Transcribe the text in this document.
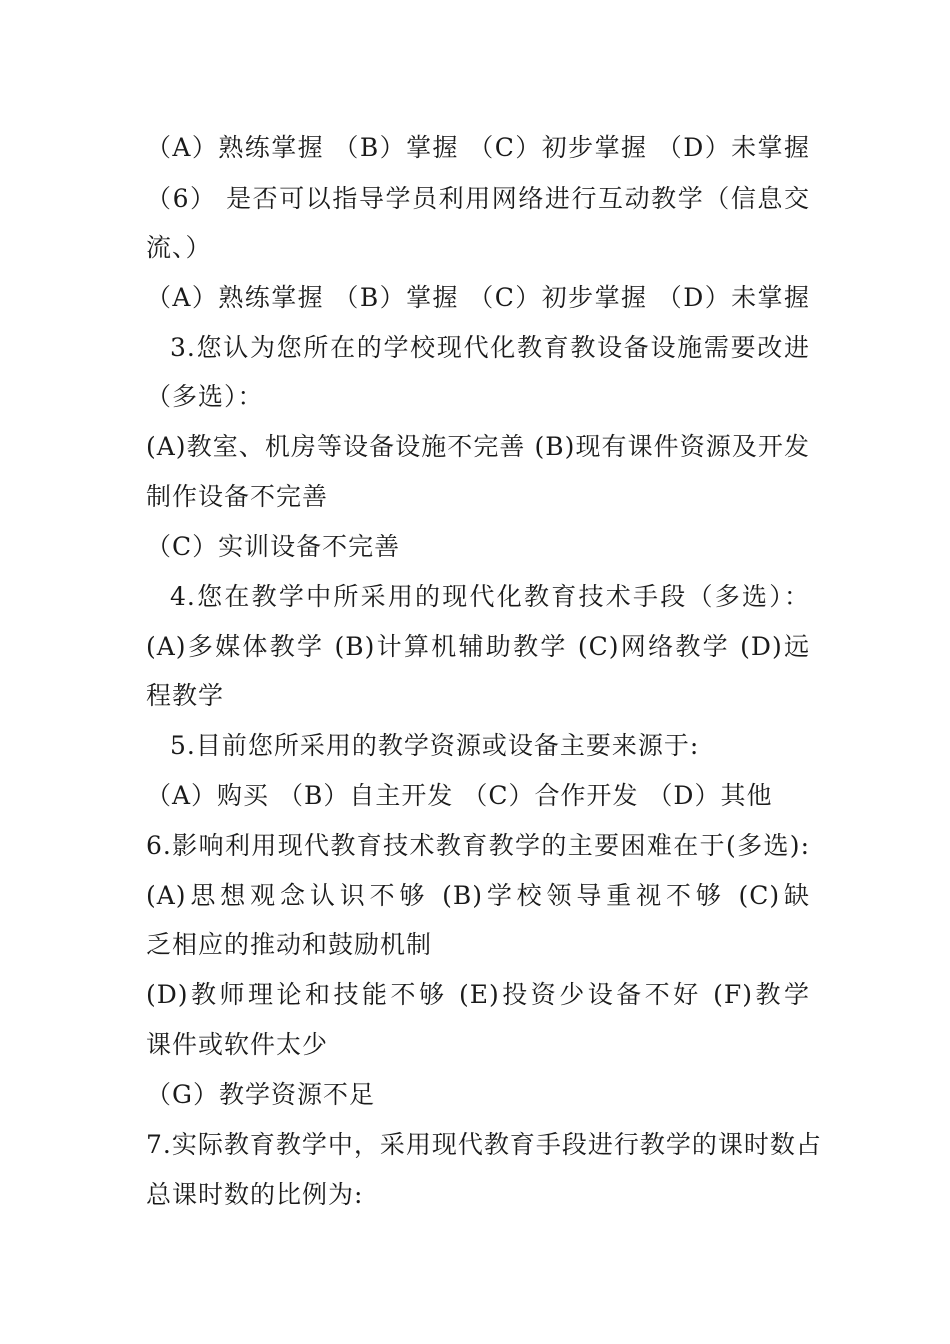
（A）熟练掌握 （B）掌握 （C）初步掌握 （D）未掌握
（6） 是否可以指导学员利用网络进行互动教学（信息交
流、）
（A）熟练掌握 （B）掌握 （C）初步掌握 （D）未掌握
3.您认为您所在的学校现代化教育教设备设施需要改进
（多选）：
(A)教室、机房等设备设施不完善 (B)现有课件资源及开发
制作设备不完善
（C）实训设备不完善
4.您在教学中所采用的现代化教育技术手段（多选）：
(A)多媒体教学 (B)计算机辅助教学 (C)网络教学 (D)远
程教学
5.目前您所采用的教学资源或设备主要来源于:
（A）购买 （B）自主开发 （C）合作开发 （D）其他
6.影响利用现代教育技术教育教学的主要困难在于(多选):
(A)思想观念认识不够 (B)学校领导重视不够 (C)缺
乏相应的推动和鼓励机制
(D)教师理论和技能不够 (E)投资少设备不好 (F)教学
课件或软件太少
（G）教学资源不足
7.实际教育教学中，采用现代教育手段进行教学的课时数占
总课时数的比例为:
